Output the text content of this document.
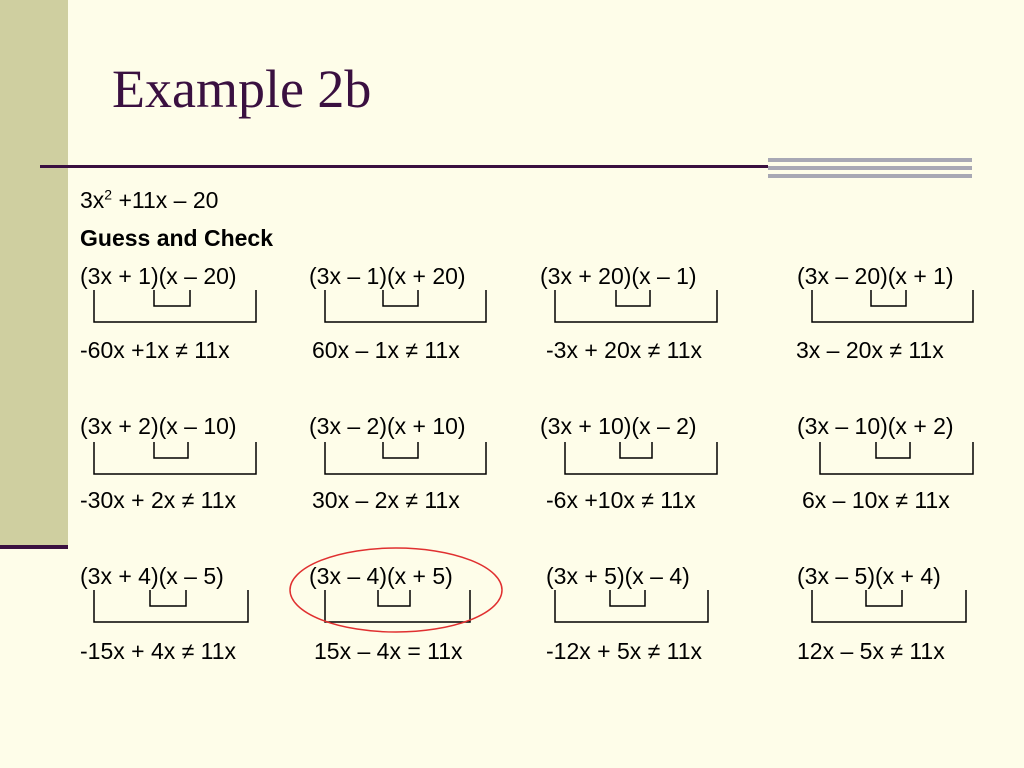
Example 2b
$3x^2 +11x - 20$
Guess and Check
(3x + 1)(x – 20)	(3x – 1)(x + 20)	(3x + 20)(x – 1)	(3x – 20)(x + 1)
-60x +1x ≠ 11x	60x – 1x ≠ 11x	-3x + 20x ≠ 11x	3x – 20x ≠ 11x
(3x + 2)(x – 10)	(3x – 2)(x + 10)	(3x + 10)(x – 2)	(3x – 10)(x + 2)
-30x + 2x ≠ 11x	30x – 2x ≠ 11x	-6x +10x ≠ 11x	6x – 10x ≠ 11x
(3x + 4)(x – 5)	(3x – 4)(x + 5)	(3x + 5)(x – 4)	(3x – 5)(x + 4)
-15x + 4x ≠ 11x	15x – 4x = 11x	-12x + 5x ≠ 11x	12x – 5x ≠ 11x
